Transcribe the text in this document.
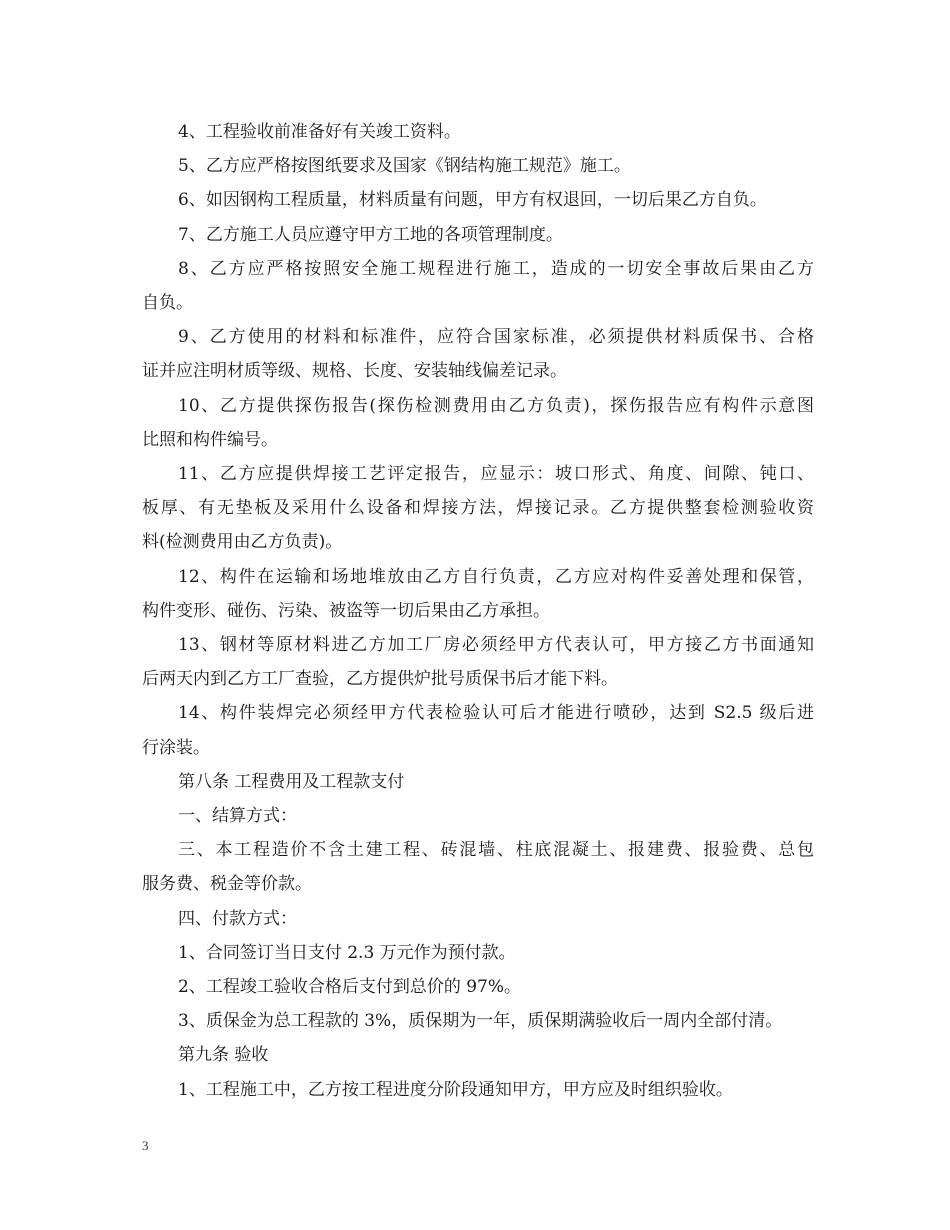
4、工程验收前准备好有关竣工资料。

5、乙方应严格按图纸要求及国家《钢结构施工规范》施工。

6、如因钢构工程质量，材料质量有问题，甲方有权退回，一切后果乙方自负。

7、乙方施工人员应遵守甲方工地的各项管理制度。

8、乙方应严格按照安全施工规程进行施工，造成的一切安全事故后果由乙方

自负。

9、乙方使用的材料和标准件，应符合国家标准，必须提供材料质保书、合格

证并应注明材质等级、规格、长度、安装轴线偏差记录。

10、乙方提供探伤报告(探伤检测费用由乙方负责)，探伤报告应有构件示意图

比照和构件编号。

11、乙方应提供焊接工艺评定报告，应显示：坡口形式、角度、间隙、钝口、

板厚、有无垫板及采用什么设备和焊接方法，焊接记录。乙方提供整套检测验收资

料(检测费用由乙方负责)。

12、构件在运输和场地堆放由乙方自行负责，乙方应对构件妥善处理和保管，

构件变形、碰伤、污染、被盗等一切后果由乙方承担。

13、钢材等原材料进乙方加工厂房必须经甲方代表认可，甲方接乙方书面通知

后两天内到乙方工厂查验，乙方提供炉批号质保书后才能下料。

14、构件装焊完必须经甲方代表检验认可后才能进行喷砂，达到 S2.5 级后进

行涂装。

第八条 工程费用及工程款支付

一、结算方式：

三、本工程造价不含土建工程、砖混墙、柱底混凝土、报建费、报验费、总包

服务费、税金等价款。

四、付款方式：

1、合同签订当日支付 2.3 万元作为预付款。

2、工程竣工验收合格后支付到总价的 97%。

3、质保金为总工程款的 3%，质保期为一年，质保期满验收后一周内全部付清。

第九条 验收

1、工程施工中，乙方按工程进度分阶段通知甲方，甲方应及时组织验收。

3
